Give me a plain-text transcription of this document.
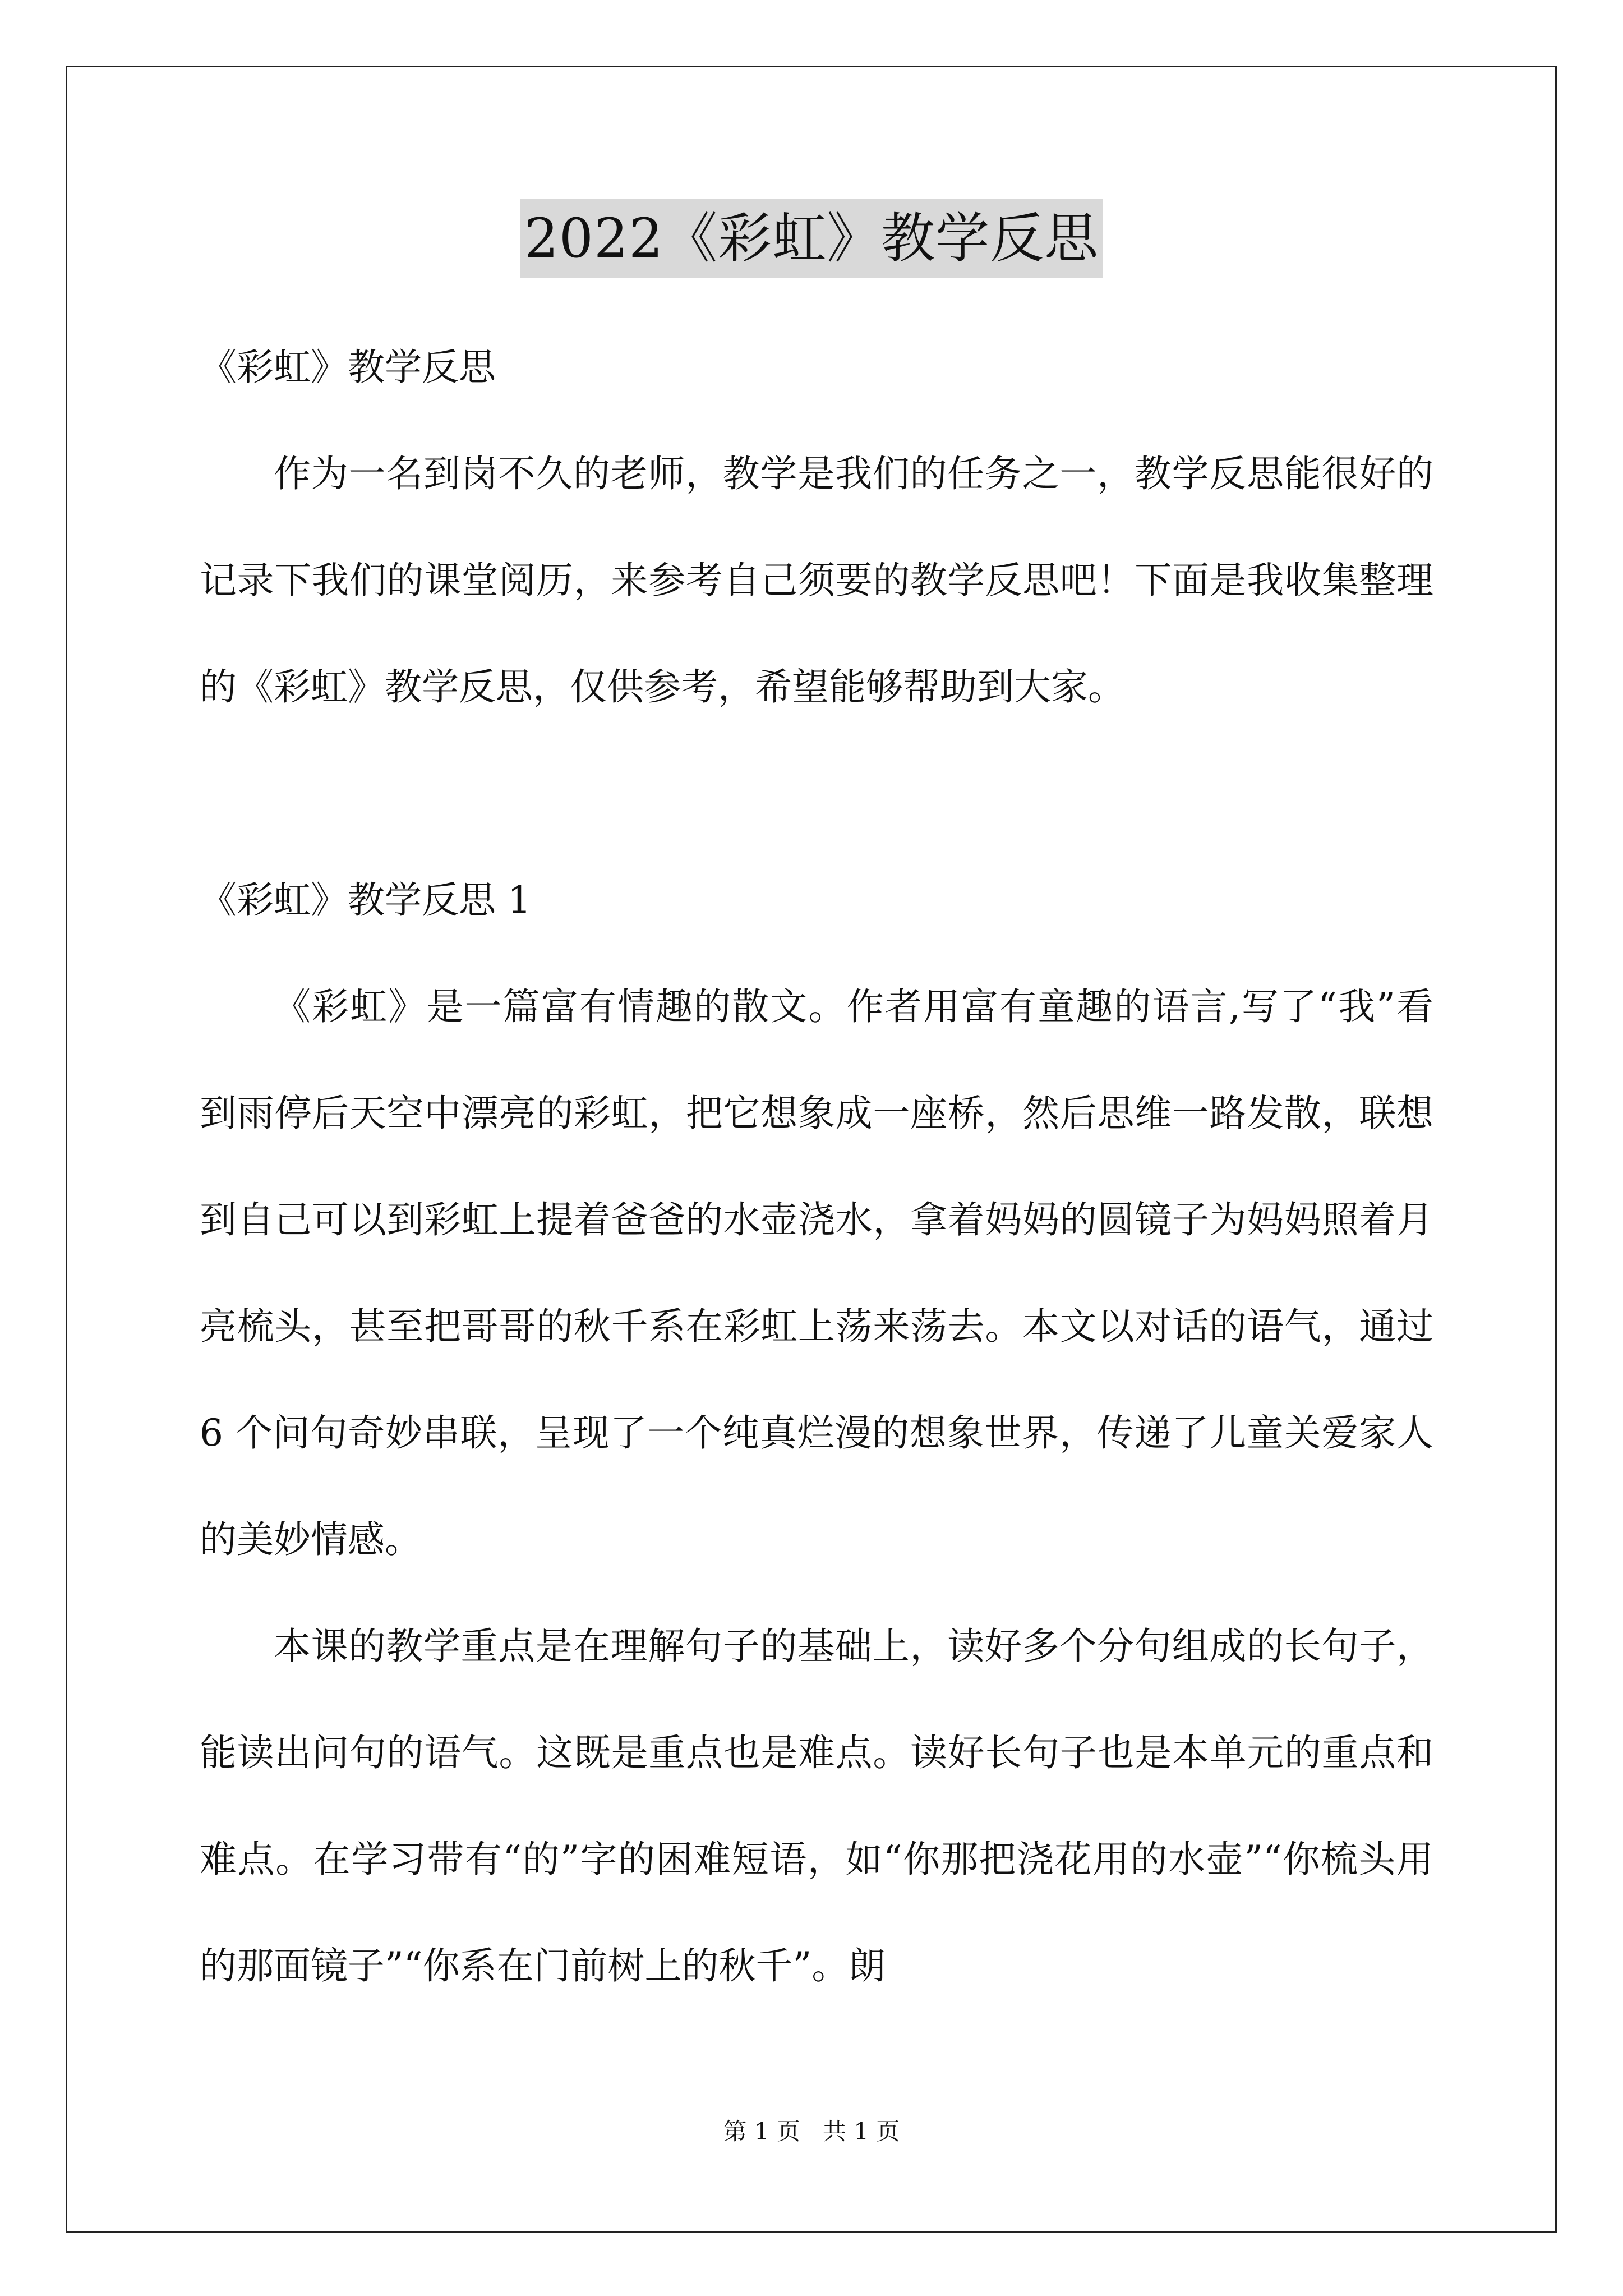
2022《彩虹》教学反思

《彩虹》教学反思

作为一名到岗不久的老师，教学是我们的任务之一，教学反思能很好的记录下我们的课堂阅历，来参考自己须要的教学反思吧！下面是我收集整理的《彩虹》教学反思，仅供参考，希望能够帮助到大家。

《彩虹》教学反思 1

《彩虹》是一篇富有情趣的散文。作者用富有童趣的语言,写了“我”看到雨停后天空中漂亮的彩虹，把它想象成一座桥，然后思维一路发散，联想到自己可以到彩虹上提着爸爸的水壶浇水，拿着妈妈的圆镜子为妈妈照着月亮梳头，甚至把哥哥的秋千系在彩虹上荡来荡去。本文以对话的语气，通过 6 个问句奇妙串联，呈现了一个纯真烂漫的想象世界，传递了儿童关爱家人的美妙情感。

本课的教学重点是在理解句子的基础上，读好多个分句组成的长句子，能读出问句的语气。这既是重点也是难点。读好长句子也是本单元的重点和难点。在学习带有“的”字的困难短语，如“你那把浇花用的水壶”“你梳头用的那面镜子”“你系在门前树上的秋千”。朗

第 1 页 共 1 页
